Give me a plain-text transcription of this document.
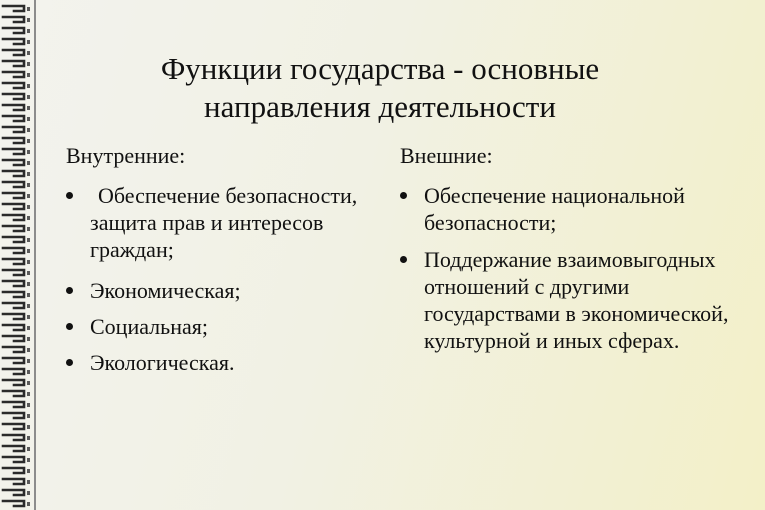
Функции государства - основные
направления деятельности
Внутренние:
Обеспечение безопасности, защита прав и интересов граждан;
Экономическая;
Социальная;
Экологическая.
Внешние:
Обеспечение национальной безопасности;
Поддержание взаимовыгодных отношений с другими государствами в экономической, культурной и иных сферах.
